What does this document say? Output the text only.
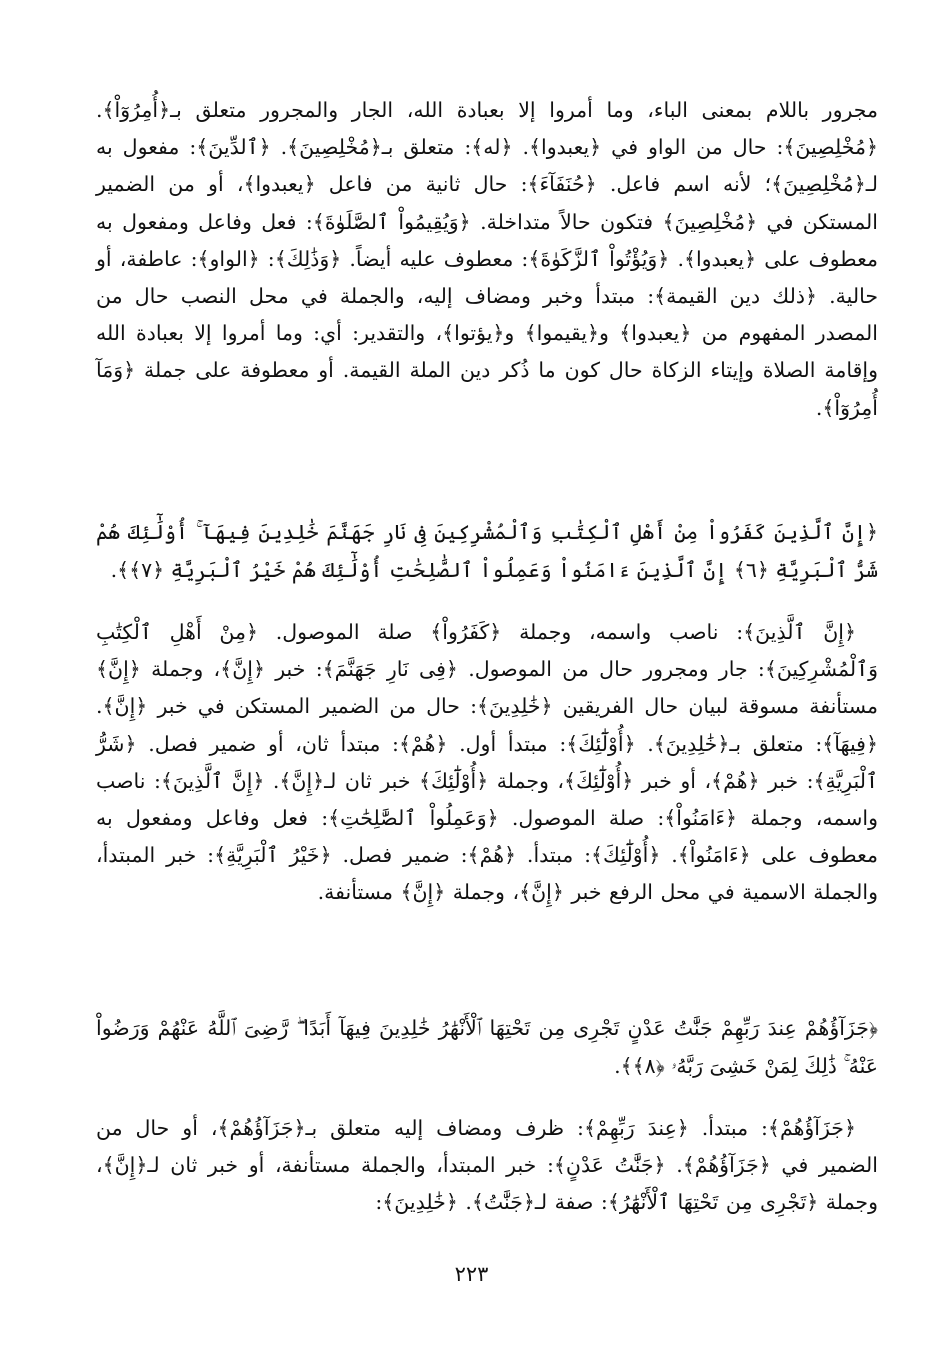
مجرور باللام بمعنى الباء، وما أمروا إلا بعبادة الله، الجار والمجرور متعلق بـ﴿أُمِرُوٓاْ﴾. ﴿مُخْلِصِينَ﴾: حال من الواو في ﴿يعبدوا﴾. ﴿له﴾: متعلق بـ﴿مُخْلِصِينَ﴾. ﴿ٱلدِّينَ﴾: مفعول به لـ﴿مُخْلِصِينَ﴾؛ لأنه اسم فاعل. ﴿حُنَفَآءَ﴾: حال ثانية من فاعل ﴿يعبدوا﴾، أو من الضمير المستكن في ﴿مُخْلِصِينَ﴾ فتكون حالاً متداخلة. ﴿وَيُقِيمُواْ ٱلصَّلَوٰةَ﴾: فعل وفاعل ومفعول به معطوف على ﴿يعبدوا﴾. ﴿وَيُؤْتُواْ ٱلزَّكَوٰةَ﴾: معطوف عليه أيضاً. ﴿وَذَٰلِكَ﴾: ﴿الواو﴾: عاطفة، أو حالية. ﴿ذلك دين القيمة﴾: مبتدأ وخبر ومضاف إليه، والجملة في محل النصب حال من المصدر المفهوم من ﴿يعبدوا﴾ و﴿يقيموا﴾ و﴿يؤتوا﴾، والتقدير: أي: وما أمروا إلا بعبادة الله وإقامة الصلاة وإيتاء الزكاة حال كون ما ذُكر دين الملة القيمة. أو معطوفة على جملة ﴿وَمَآ أُمِرُوٓاْ﴾.

﴿إِنَّ ٱلَّذِينَ كَفَرُواْ مِنْ أَهْلِ ٱلْكِتَٰبِ وَٱلْمُشْرِكِينَ فِى نَارِ جَهَنَّمَ خَٰلِدِينَ فِيهَآ ۚ أُوْلَٰٓئِكَ هُمْ شَرُّ ٱلْبَرِيَّةِ ﴿٦﴾ إِنَّ ٱلَّذِينَ ءَامَنُواْ وَعَمِلُواْ ٱلصَّٰلِحَٰتِ أُوْلَٰٓئِكَ هُمْ خَيْرُ ٱلْبَرِيَّةِ ﴿٧﴾﴾.

﴿إِنَّ ٱلَّذِينَ﴾: ناصب واسمه، وجملة ﴿كَفَرُواْ﴾ صلة الموصول. ﴿مِنْ أَهْلِ ٱلْكِتَٰبِ وَٱلْمُشْرِكِينَ﴾: جار ومجرور حال من الموصول. ﴿فِى نَارِ جَهَنَّمَ﴾: خبر ﴿إِنَّ﴾، وجملة ﴿إِنَّ﴾ مستأنفة مسوقة لبيان حال الفريقين ﴿خَٰلِدِينَ﴾: حال من الضمير المستكن في خبر ﴿إِنَّ﴾. ﴿فِيهَآ﴾: متعلق بـ﴿خَٰلِدِينَ﴾. ﴿أُوْلَٰٓئِكَ﴾: مبتدأ أول. ﴿هُمْ﴾: مبتدأ ثان، أو ضمير فصل. ﴿شَرُّ ٱلْبَرِيَّةِ﴾: خبر ﴿هُمْ﴾، أو خبر ﴿أُوْلَٰٓئِكَ﴾، وجملة ﴿أُوْلَٰٓئِكَ﴾ خبر ثان لـ﴿إِنَّ﴾. ﴿إِنَّ ٱلَّذِينَ﴾: ناصب واسمه، وجملة ﴿ءَامَنُواْ﴾: صلة الموصول. ﴿وَعَمِلُواْ ٱلصَّٰلِحَٰتِ﴾: فعل وفاعل ومفعول به معطوف على ﴿ءَامَنُواْ﴾. ﴿أُوْلَٰٓئِكَ﴾: مبتدأ. ﴿هُمْ﴾: ضمير فصل. ﴿خَيْرُ ٱلْبَرِيَّةِ﴾: خبر المبتدأ، والجملة الاسمية في محل الرفع خبر ﴿إِنَّ﴾، وجملة ﴿إِنَّ﴾ مستأنفة.

﴿جَزَآؤُهُمْ عِندَ رَبِّهِمْ جَنَّٰتُ عَدْنٍ تَجْرِى مِن تَحْتِهَا ٱلْأَنْهَٰرُ خَٰلِدِينَ فِيهَآ أَبَدًا ۖ رَّضِىَ ٱللَّهُ عَنْهُمْ وَرَضُواْ عَنْهُ ۚ ذَٰلِكَ لِمَنْ خَشِىَ رَبَّهُۥ ﴿٨﴾﴾.

﴿جَزَآؤُهُمْ﴾: مبتدأ. ﴿عِندَ رَبِّهِمْ﴾: ظرف ومضاف إليه متعلق بـ﴿جَزَآؤُهُمْ﴾، أو حال من الضمير في ﴿جَزَآؤُهُمْ﴾. ﴿جَنَّٰتُ عَدْنٍ﴾: خبر المبتدأ، والجملة مستأنفة، أو خبر ثان لـ﴿إِنَّ﴾، وجملة ﴿تَجْرِى مِن تَحْتِهَا ٱلْأَنْهَٰرُ﴾: صفة لـ﴿جَنَّٰتُ﴾. ﴿خَٰلِدِينَ﴾:

٢٢٣
